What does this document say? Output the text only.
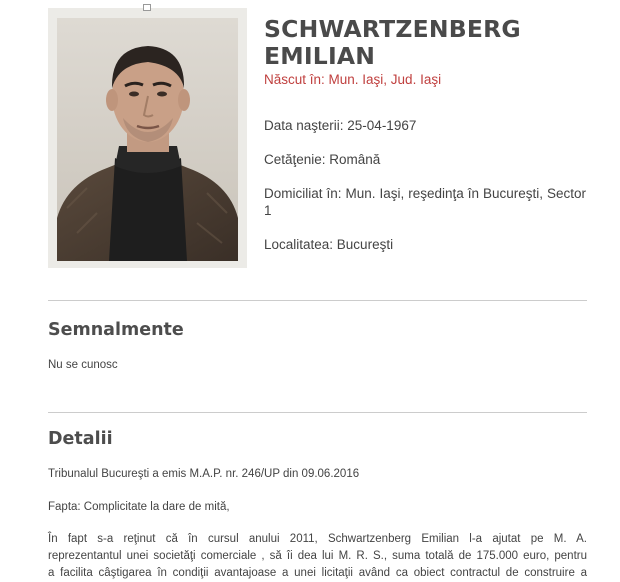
SCHWARTZENBERG
EMILIAN
Născut în: Mun. Iaşi, Jud. Iaşi
Data naşterii: 25-04-1967
Cetăţenie: Română
Domiciliat în: Mun. Iaşi, reşedinţa în Bucureşti, Sector 1
Localitatea: Bucureşti
Semnalmente
Nu se cunosc
Detalii
Tribunalul Bucureşti a emis M.A.P. nr. 246/UP din 09.06.2016
Fapta: Complicitate la dare de mită,
În fapt s-a reţinut că în cursul anului 2011, Schwartzenberg Emilian l-a ajutat pe M. A.
reprezentantul unei societăţi comerciale , să îi dea lui M. R. S., suma totală de 175.000 euro, pentru
a facilita câştigarea în condiţii avantajoase a unei licitaţii având ca obiect contractul de construire a
